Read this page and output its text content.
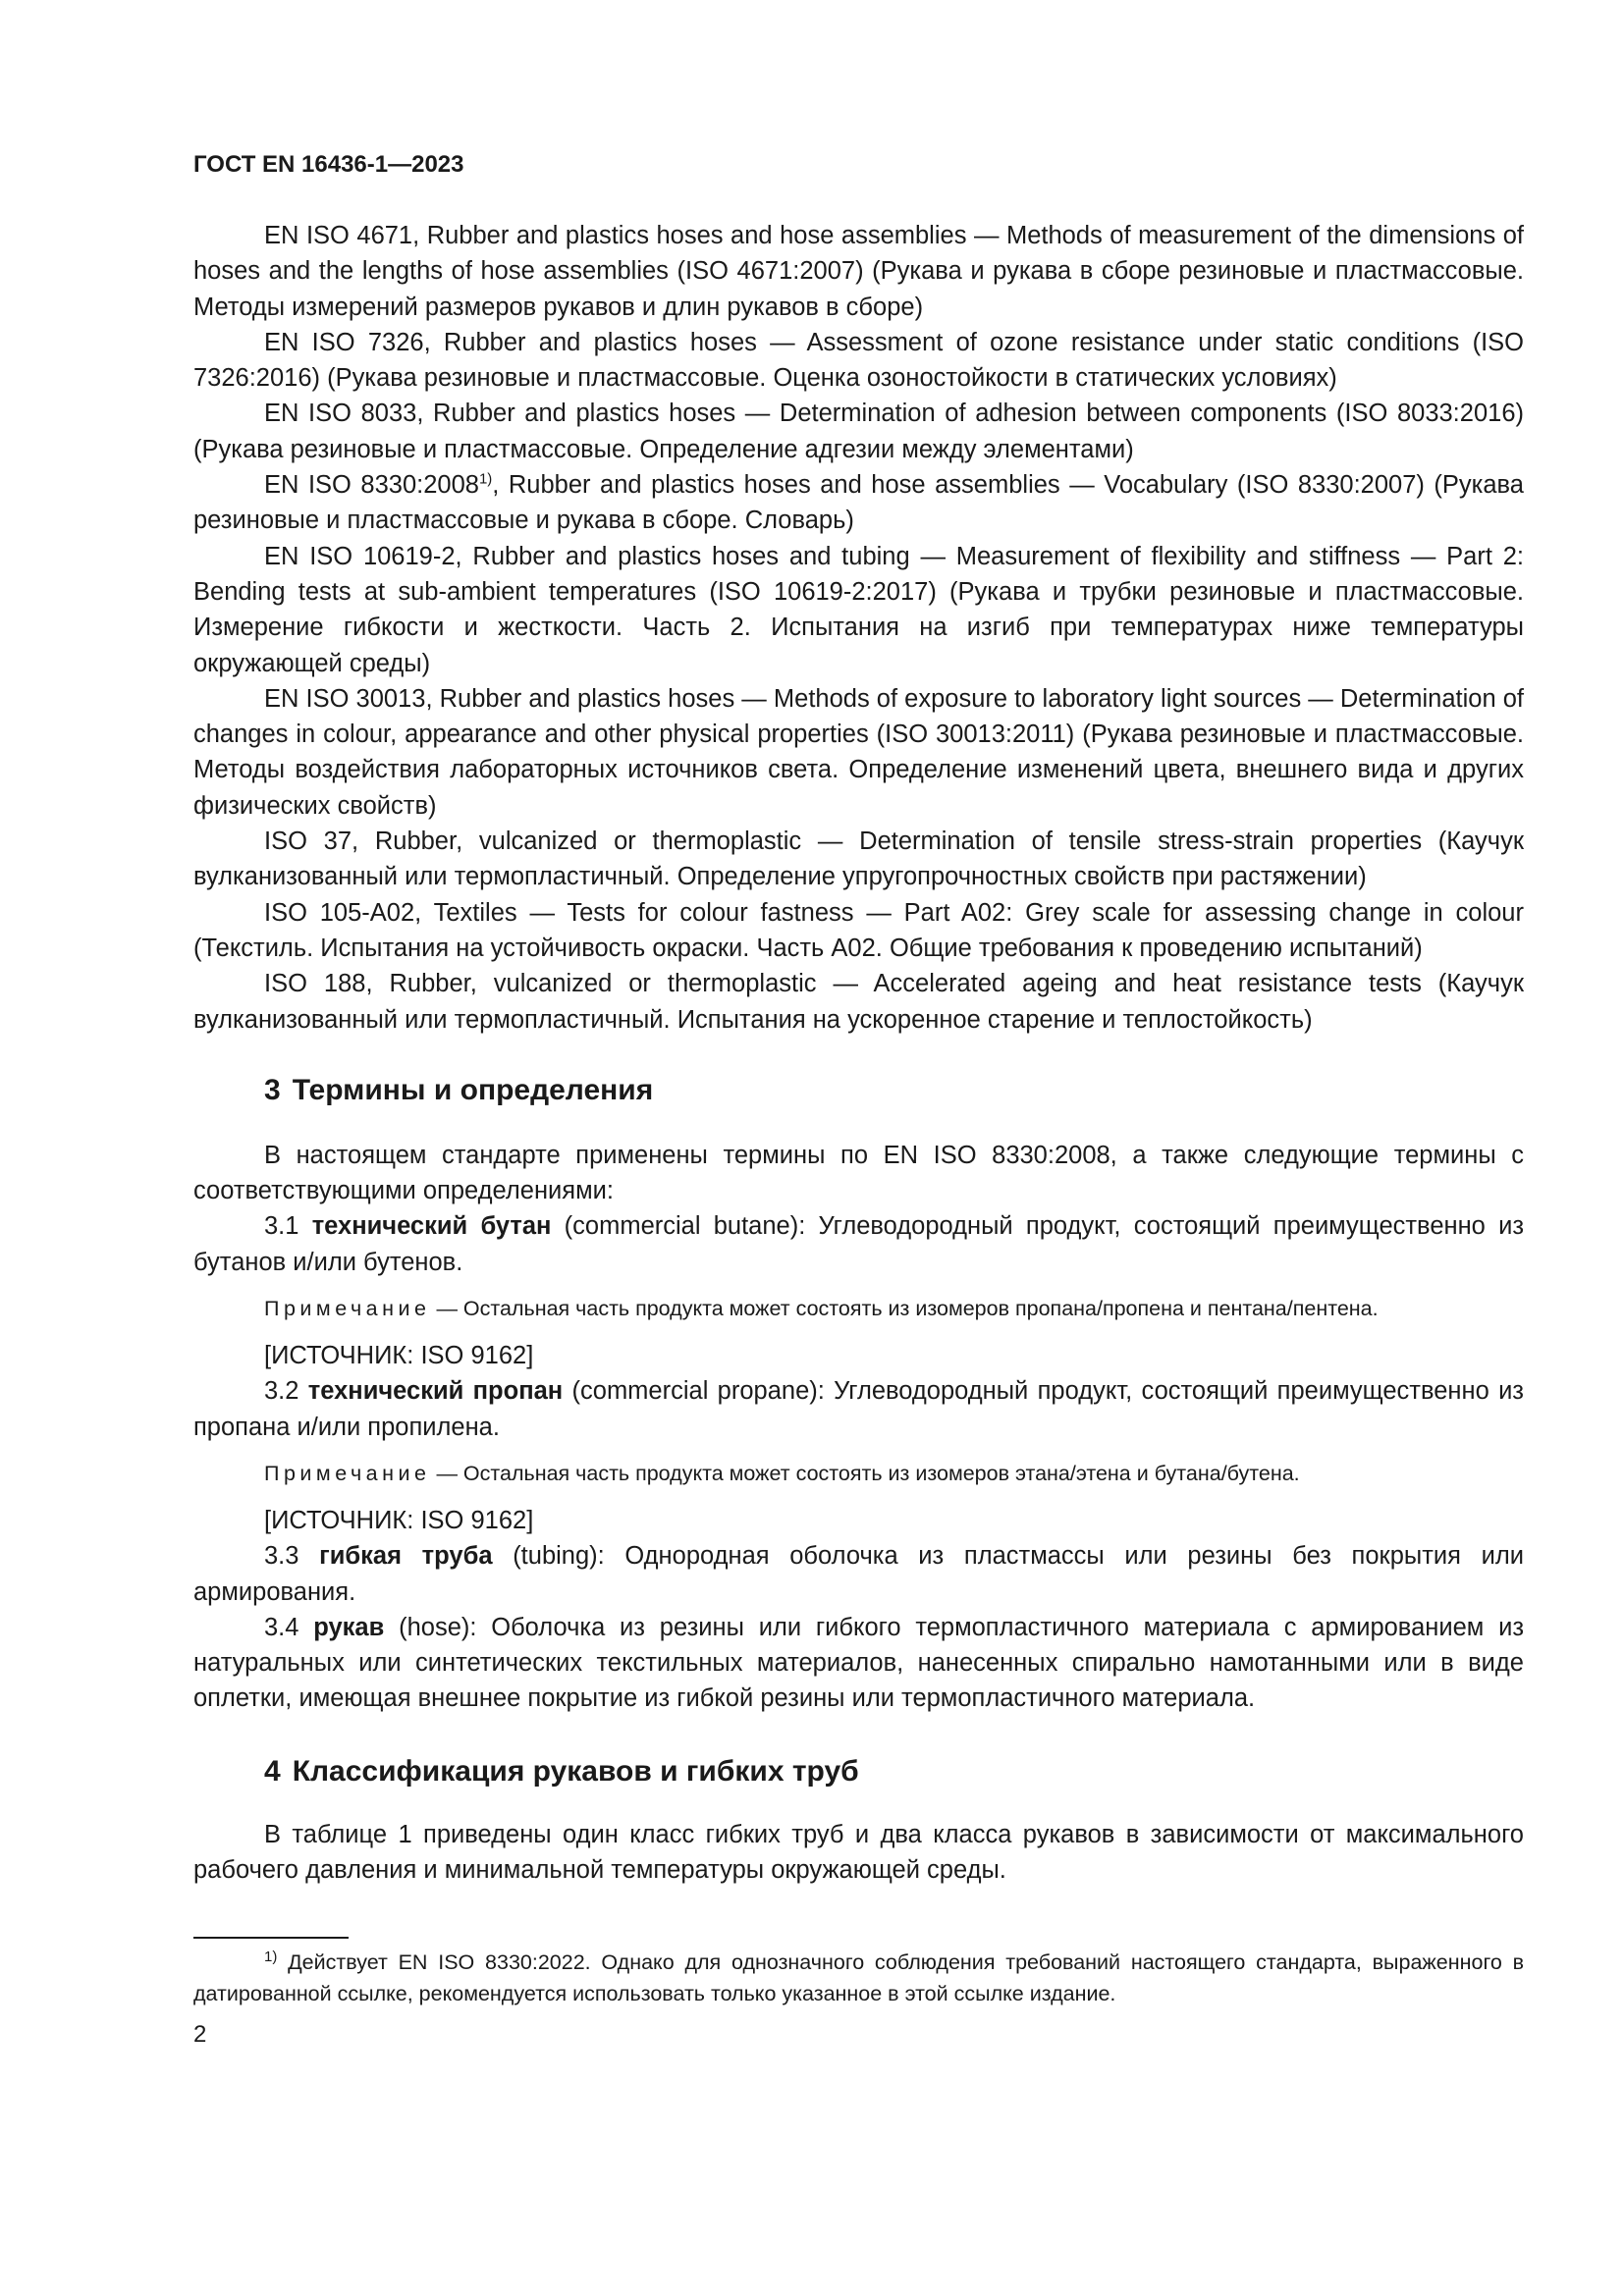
ГОСТ EN 16436-1—2023

EN ISO 4671, Rubber and plastics hoses and hose assemblies — Methods of measurement of the dimensions of hoses and the lengths of hose assemblies (ISO 4671:2007) (Рукава и рукава в сборе резиновые и пластмассовые. Методы измерений размеров рукавов и длин рукавов в сборе)

EN ISO 7326, Rubber and plastics hoses — Assessment of ozone resistance under static conditions (ISO 7326:2016) (Рукава резиновые и пластмассовые. Оценка озоностойкости в статических условиях)

EN ISO 8033, Rubber and plastics hoses — Determination of adhesion between components (ISO 8033:2016) (Рукава резиновые и пластмассовые. Определение адгезии между элементами)

EN ISO 8330:2008$^{1)}$, Rubber and plastics hoses and hose assemblies — Vocabulary (ISO 8330:2007) (Рукава резиновые и пластмассовые и рукава в сборе. Словарь)

EN ISO 10619-2, Rubber and plastics hoses and tubing — Measurement of flexibility and stiffness — Part 2: Bending tests at sub-ambient temperatures (ISO 10619-2:2017) (Рукава и трубки резиновые и пластмассовые. Измерение гибкости и жесткости. Часть 2. Испытания на изгиб при температурах ниже температуры окружающей среды)

EN ISO 30013, Rubber and plastics hoses — Methods of exposure to laboratory light sources — Determination of changes in colour, appearance and other physical properties (ISO 30013:2011) (Рукава резиновые и пластмассовые. Методы воздействия лабораторных источников света. Определение изменений цвета, внешнего вида и других физических свойств)

ISO 37, Rubber, vulcanized or thermoplastic — Determination of tensile stress-strain properties (Каучук вулканизованный или термопластичный. Определение упругопрочностных свойств при растяжении)

ISO 105-A02, Textiles — Tests for colour fastness — Part A02: Grey scale for assessing change in colour (Текстиль. Испытания на устойчивость окраски. Часть A02. Общие требования к проведению испытаний)

ISO 188, Rubber, vulcanized or thermoplastic — Accelerated ageing and heat resistance tests (Каучук вулканизованный или термопластичный. Испытания на ускоренное старение и теплостойкость)

3 Термины и определения

В настоящем стандарте применены термины по EN ISO 8330:2008, а также следующие термины с соответствующими определениями:

3.1 технический бутан (commercial butane): Углеводородный продукт, состоящий преимущественно из бутанов и/или бутенов.

Примечание — Остальная часть продукта может состоять из изомеров пропана/пропена и пентана/пентена.

[ИСТОЧНИК: ISO 9162]

3.2 технический пропан (commercial propane): Углеводородный продукт, состоящий преимущественно из пропана и/или пропилена.

Примечание — Остальная часть продукта может состоять из изомеров этана/этена и бутана/бутена.

[ИСТОЧНИК: ISO 9162]

3.3 гибкая труба (tubing): Однородная оболочка из пластмассы или резины без покрытия или армирования.

3.4 рукав (hose): Оболочка из резины или гибкого термопластичного материала с армированием из натуральных или синтетических текстильных материалов, нанесенных спирально намотанными или в виде оплетки, имеющая внешнее покрытие из гибкой резины или термопластичного материала.

4 Классификация рукавов и гибких труб

В таблице 1 приведены один класс гибких труб и два класса рукавов в зависимости от максимального рабочего давления и минимальной температуры окружающей среды.

$^{1)}$ Действует EN ISO 8330:2022. Однако для однозначного соблюдения требований настоящего стандарта, выраженного в датированной ссылке, рекомендуется использовать только указанное в этой ссылке издание.

2
